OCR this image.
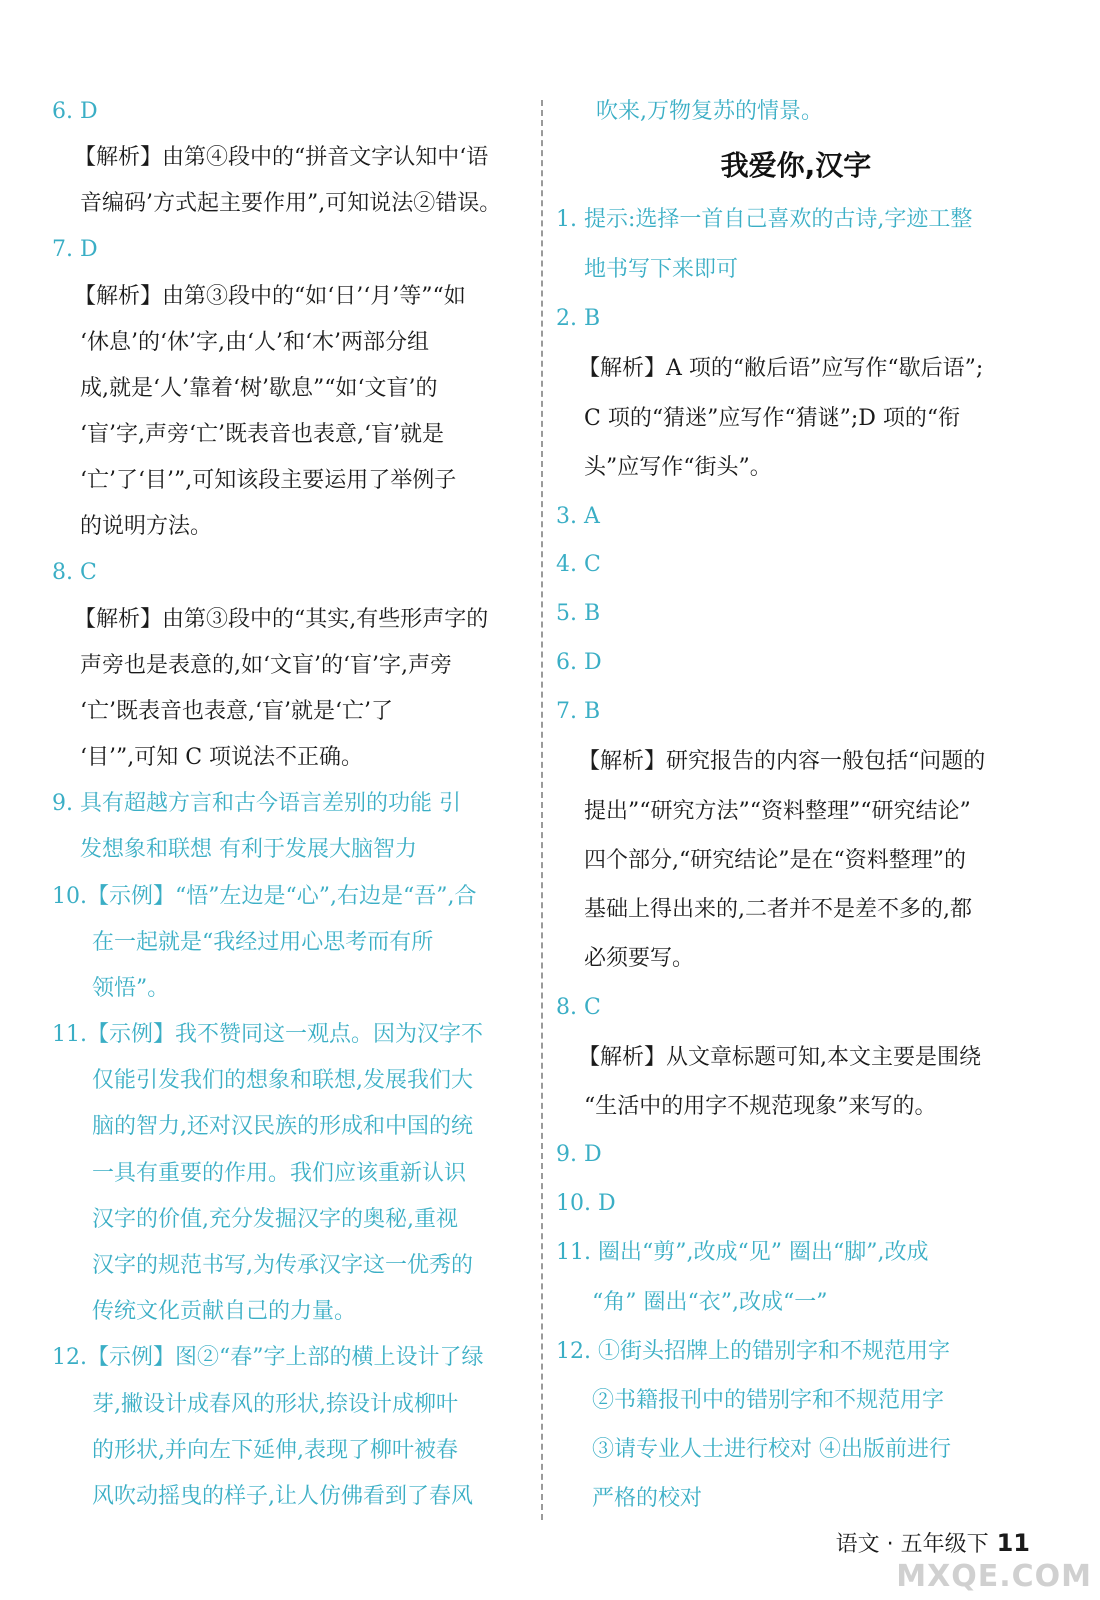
6. D
【解析】由第④段中的“拼音文字认知中‘语
音编码’方式起主要作用”,可知说法②错误。
7. D
【解析】由第③段中的“如‘日’‘月’等”“如
‘休息’的‘休’字,由‘人’和‘木’两部分组
成,就是‘人’靠着‘树’歇息”“如‘文盲’的
‘盲’字,声旁‘亡’既表音也表意,‘盲’就是
‘亡’了‘目’”,可知该段主要运用了举例子
的说明方法。
8. C
【解析】由第③段中的“其实,有些形声字的
声旁也是表意的,如‘文盲’的‘盲’字,声旁
‘亡’既表音也表意,‘盲’就是‘亡’了
‘目’”,可知 C 项说法不正确。
9. 具有超越方言和古今语言差别的功能 引
发想象和联想 有利于发展大脑智力
10.【示例】“悟”左边是“心”,右边是“吾”,合
在一起就是“我经过用心思考而有所
领悟”。
11.【示例】我不赞同这一观点。因为汉字不
仅能引发我们的想象和联想,发展我们大
脑的智力,还对汉民族的形成和中国的统
一具有重要的作用。我们应该重新认识
汉字的价值,充分发掘汉字的奥秘,重视
汉字的规范书写,为传承汉字这一优秀的
传统文化贡献自己的力量。
12.【示例】图②“春”字上部的横上设计了绿
芽,撇设计成春风的形状,捺设计成柳叶
的形状,并向左下延伸,表现了柳叶被春
风吹动摇曳的样子,让人仿佛看到了春风
吹来,万物复苏的情景。
1. 提示:选择一首自己喜欢的古诗,字迹工整
地书写下来即可
2. B
【解析】A 项的“敝后语”应写作“歇后语”;
C 项的“猜迷”应写作“猜谜”;D 项的“衔
头”应写作“街头”。
3. A
4. C
5. B
6. D
7. B
【解析】研究报告的内容一般包括“问题的
提出”“研究方法”“资料整理”“研究结论”
四个部分,“研究结论”是在“资料整理”的
基础上得出来的,二者并不是差不多的,都
必须要写。
8. C
【解析】从文章标题可知,本文主要是围绕
“生活中的用字不规范现象”来写的。
9. D
10. D
11. 圈出“剪”,改成“见” 圈出“脚”,改成
“角” 圈出“衣”,改成“一”
12. ①街头招牌上的错别字和不规范用字
②书籍报刊中的错别字和不规范用字
③请专业人士进行校对 ④出版前进行
严格的校对
我爱你,汉字
语文 · 五年级下 11
MXQE.COM
